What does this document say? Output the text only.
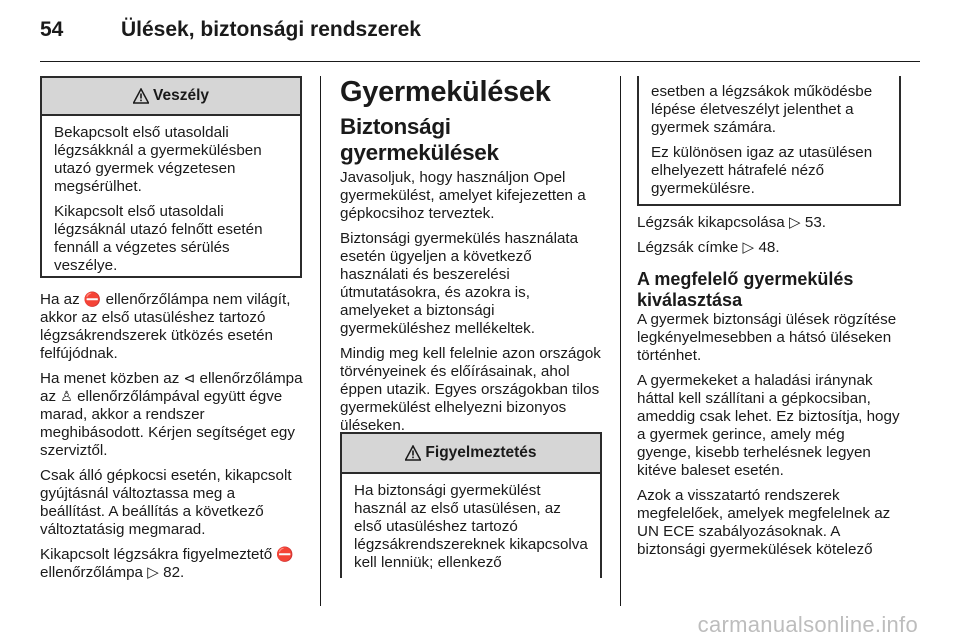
54	Ülések, biztonsági rendszerek
Veszély

Bekapcsolt első utasoldali légzsákknál a gyermekülésben utazó gyermek végzetesen megsérülhet.

Kikapcsolt első utasoldali légzsáknál utazó felnőtt esetén fennáll a végzetes sérülés veszélye.

Ha az ⛔ ellenőrzőlámpa nem világít, akkor az első utasüléshez tartozó légzsákrendszerek ütközés esetén felfújódnak.

Ha menet közben az ⊲ ellenőrzőlámpa az ♙ ellenőrzőlámpával együtt égve marad, akkor a rendszer meghibásodott. Kérjen segítséget egy szerviztől.

Csak álló gépkocsi esetén, kikapcsolt gyújtásnál változtassa meg a beállítást. A beállítás a következő változtatásig megmarad.

Kikapcsolt légzsákra figyelmeztető ⛔ ellenőrzőlámpa ▷ 82.

Gyermekülések
Biztonsági gyermekülések

Javasoljuk, hogy használjon Opel gyermekülést, amelyet kifejezetten a gépkocsihoz terveztek.

Biztonsági gyermekülés használata esetén ügyeljen a következő használati és beszerelési útmutatásokra, és azokra is, amelyeket a biztonsági gyermeküléshez mellékeltek.

Mindig meg kell felelnie azon országok törvényeinek és előírásainak, ahol éppen utazik. Egyes országokban tilos gyermekülést elhelyezni bizonyos üléseken.

Figyelmeztetés

Ha biztonsági gyermekülést használ az első utasülésen, az első utasüléshez tartozó légzsákrendszereknek kikapcsolva kell lenniük; ellenkező

esetben a légzsákok működésbe lépése életveszélyt jelenthet a gyermek számára.

Ez különösen igaz az utasülésen elhelyezett hátrafelé néző gyermekülésre.

Légzsák kikapcsolása ▷ 53.

Légzsák címke ▷ 48.

A megfelelő gyermekülés kiválasztása

A gyermek biztonsági ülések rögzítése legkényelmesebben a hátsó üléseken történhet.

A gyermekeket a haladási iránynak háttal kell szállítani a gépkocsiban, ameddig csak lehet. Ez biztosítja, hogy a gyermek gerince, amely még gyenge, kisebb terhelésnek legyen kitéve baleset esetén.

Azok a visszatartó rendszerek megfelelőek, amelyek megfelelnek az UN ECE szabályozásoknak. A biztonsági gyermekülések kötelező

carmanualsonline.info
